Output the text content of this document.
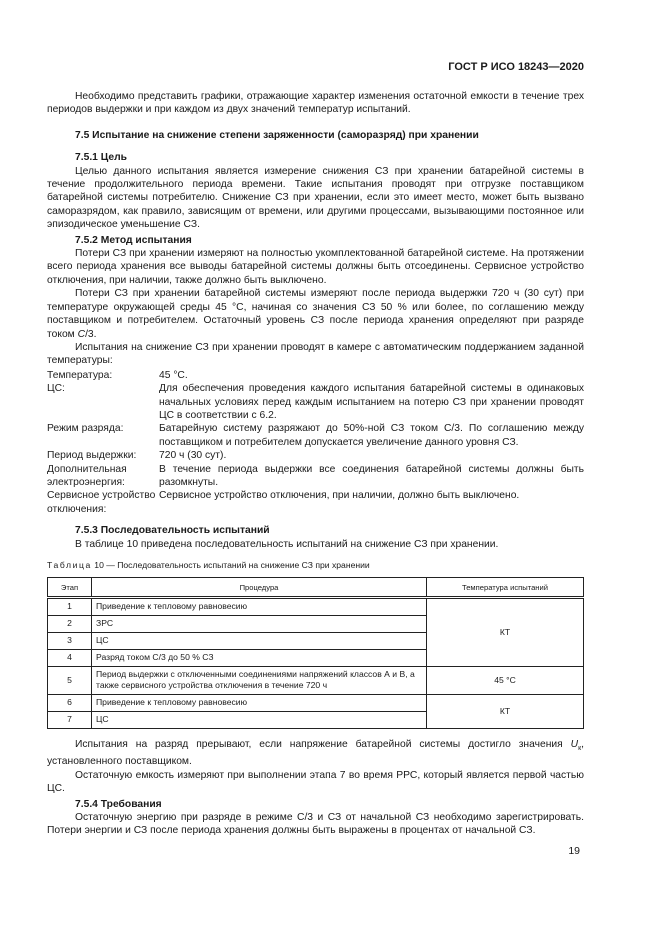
ГОСТ Р ИСО 18243—2020

Необходимо представить графики, отражающие характер изменения остаточной емкости в течение трех периодов выдержки и при каждом из двух значений температур испытаний.

7.5 Испытание на снижение степени заряженности (саморазряд) при хранении

7.5.1 Цель

Целью данного испытания является измерение снижения СЗ при хранении батарейной системы в течение продолжительного периода времени. Такие испытания проводят при отгрузке поставщиком батарейной системы потребителю. Снижение СЗ при хранении, если это имеет место, может быть вызвано саморазрядом, как правило, зависящим от времени, или другими процессами, вызывающими постоянное или эпизодическое уменьшение СЗ.

7.5.2 Метод испытания

Потери СЗ при хранении измеряют на полностью укомплектованной батарейной системе. На протяжении всего периода хранения все выводы батарейной системы должны быть отсоединены. Сервисное устройство отключения, при наличии, также должно быть выключено.

Потери СЗ при хранении батарейной системы измеряют после периода выдержки 720 ч (30 сут) при температуре окружающей среды 45 °С, начиная со значения СЗ 50 % или более, по соглашению между поставщиком и потребителем. Остаточный уровень СЗ после периода хранения определяют при разряде током С/3.

Испытания на снижение СЗ при хранении проводят в камере с автоматическим поддержанием заданной температуры:

Температура:	45 °С.
ЦС:	Для обеспечения проведения каждого испытания батарейной системы в одинаковых начальных условиях перед каждым испытанием на потерю СЗ при хранении проводят ЦС в соответствии с 6.2.
Режим разряда:	Батарейную систему разряжают до 50%-ной СЗ током С/3. По соглашению между поставщиком и потребителем допускается увеличение данного уровня СЗ.
Период выдержки:	720 ч (30 сут).
Дополнительная электроэнергия:
В течение периода выдержки все соединения батарейной системы должны быть разомкнуты.
Сервисное устройство отключения:
Сервисное устройство отключения, при наличии, должно быть выключено.

7.5.3 Последовательность испытаний

В таблице 10 приведена последовательность испытаний на снижение СЗ при хранении.

Таблица 10 — Последовательность испытаний на снижение СЗ при хранении

Этап	Процедура	Температура испытаний
1	Приведение к тепловому равновесию	КТ
2	ЗРС	
3	ЦС	
4	Разряд током С/3 до 50 % СЗ	
5	Период выдержки с отключенными соединениями напряжений классов А и В, а также сервисного устройства отключения в течение 720 ч	45 °С
6	Приведение к тепловому равновесию	КТ
7	ЦС	

Испытания на разряд прерывают, если напряжение батарейной системы достигло значения $U_к$, установленного поставщиком.

Остаточную емкость измеряют при выполнении этапа 7 во время РРС, который является первой частью ЦС.

7.5.4 Требования

Остаточную энергию при разряде в режиме С/3 и СЗ от начальной СЗ необходимо зарегистрировать. Потери энергии и СЗ после периода хранения должны быть выражены в процентах от начальной СЗ.

19
